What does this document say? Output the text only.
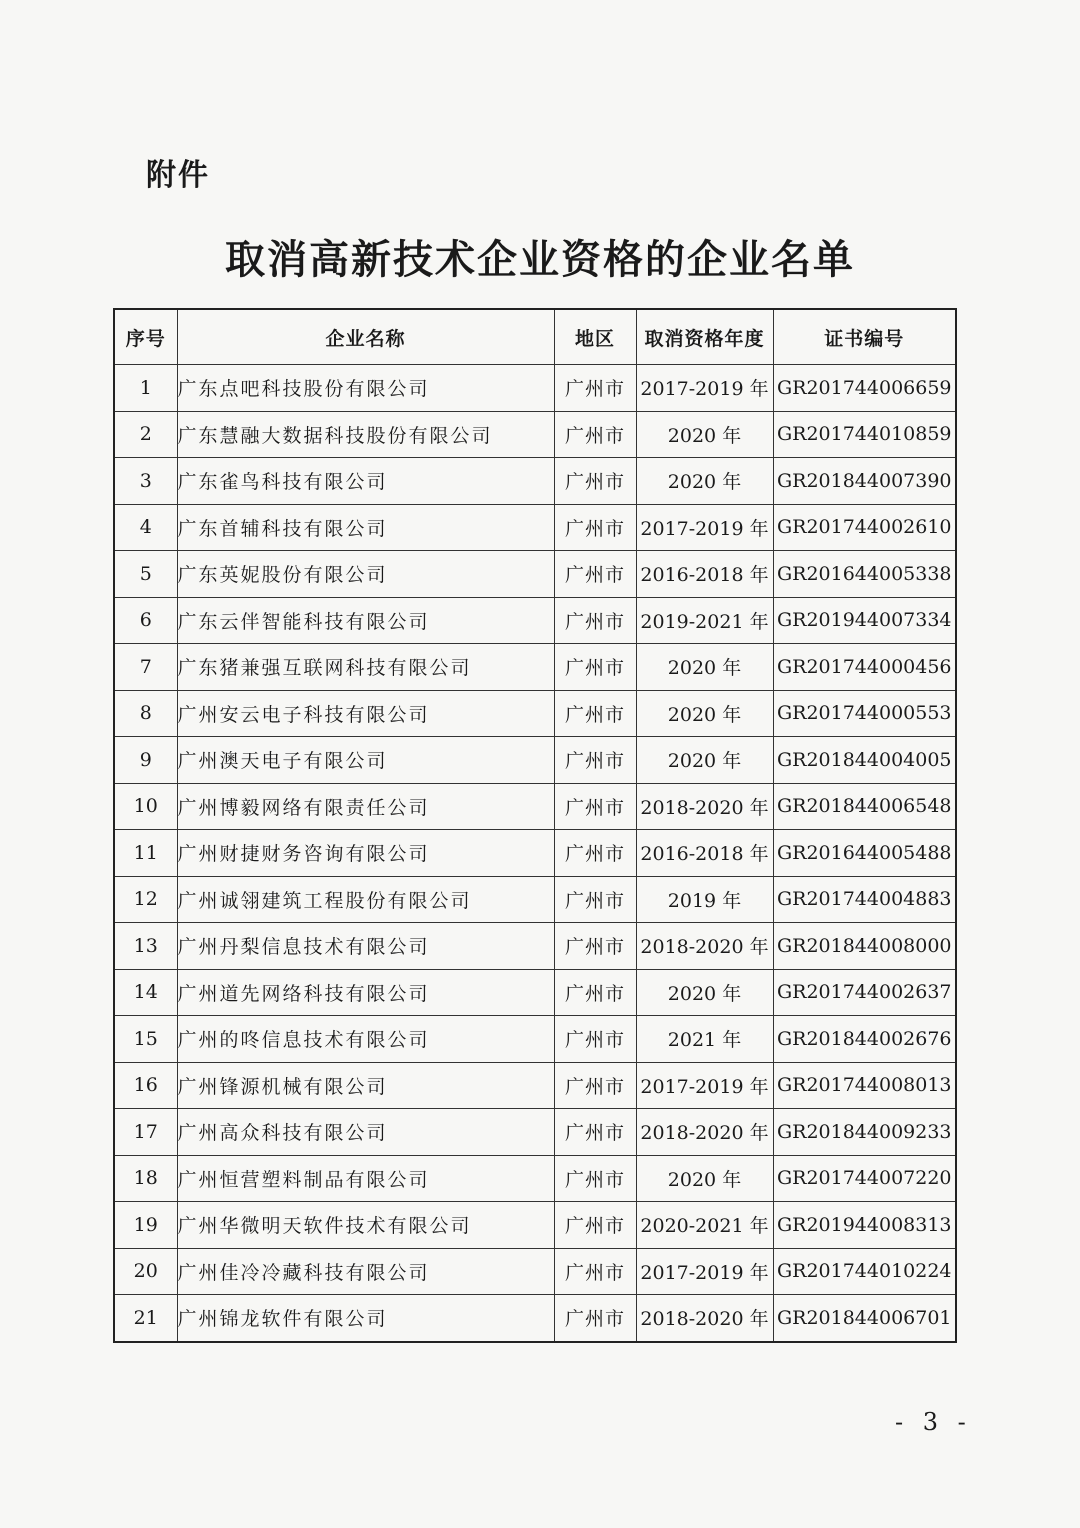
附件
取消高新技术企业资格的企业名单
序号	企业名称	地区	取消资格年度	证书编号
1	广东点吧科技股份有限公司	广州市	2017-2019 年	GR201744006659
2	广东慧融大数据科技股份有限公司	广州市	2020 年	GR201744010859
3	广东雀鸟科技有限公司	广州市	2020 年	GR201844007390
4	广东首辅科技有限公司	广州市	2017-2019 年	GR201744002610
5	广东英妮股份有限公司	广州市	2016-2018 年	GR201644005338
6	广东云伴智能科技有限公司	广州市	2019-2021 年	GR201944007334
7	广东猪兼强互联网科技有限公司	广州市	2020 年	GR201744000456
8	广州安云电子科技有限公司	广州市	2020 年	GR201744000553
9	广州澳天电子有限公司	广州市	2020 年	GR201844004005
10	广州博毅网络有限责任公司	广州市	2018-2020 年	GR201844006548
11	广州财捷财务咨询有限公司	广州市	2016-2018 年	GR201644005488
12	广州诚翎建筑工程股份有限公司	广州市	2019 年	GR201744004883
13	广州丹梨信息技术有限公司	广州市	2018-2020 年	GR201844008000
14	广州道先网络科技有限公司	广州市	2020 年	GR201744002637
15	广州的咚信息技术有限公司	广州市	2021 年	GR201844002676
16	广州锋源机械有限公司	广州市	2017-2019 年	GR201744008013
17	广州高众科技有限公司	广州市	2018-2020 年	GR201844009233
18	广州恒营塑料制品有限公司	广州市	2020 年	GR201744007220
19	广州华微明天软件技术有限公司	广州市	2020-2021 年	GR201944008313
20	广州佳冷冷藏科技有限公司	广州市	2017-2019 年	GR201744010224
21	广州锦龙软件有限公司	广州市	2018-2020 年	GR201844006701
- 3 -
